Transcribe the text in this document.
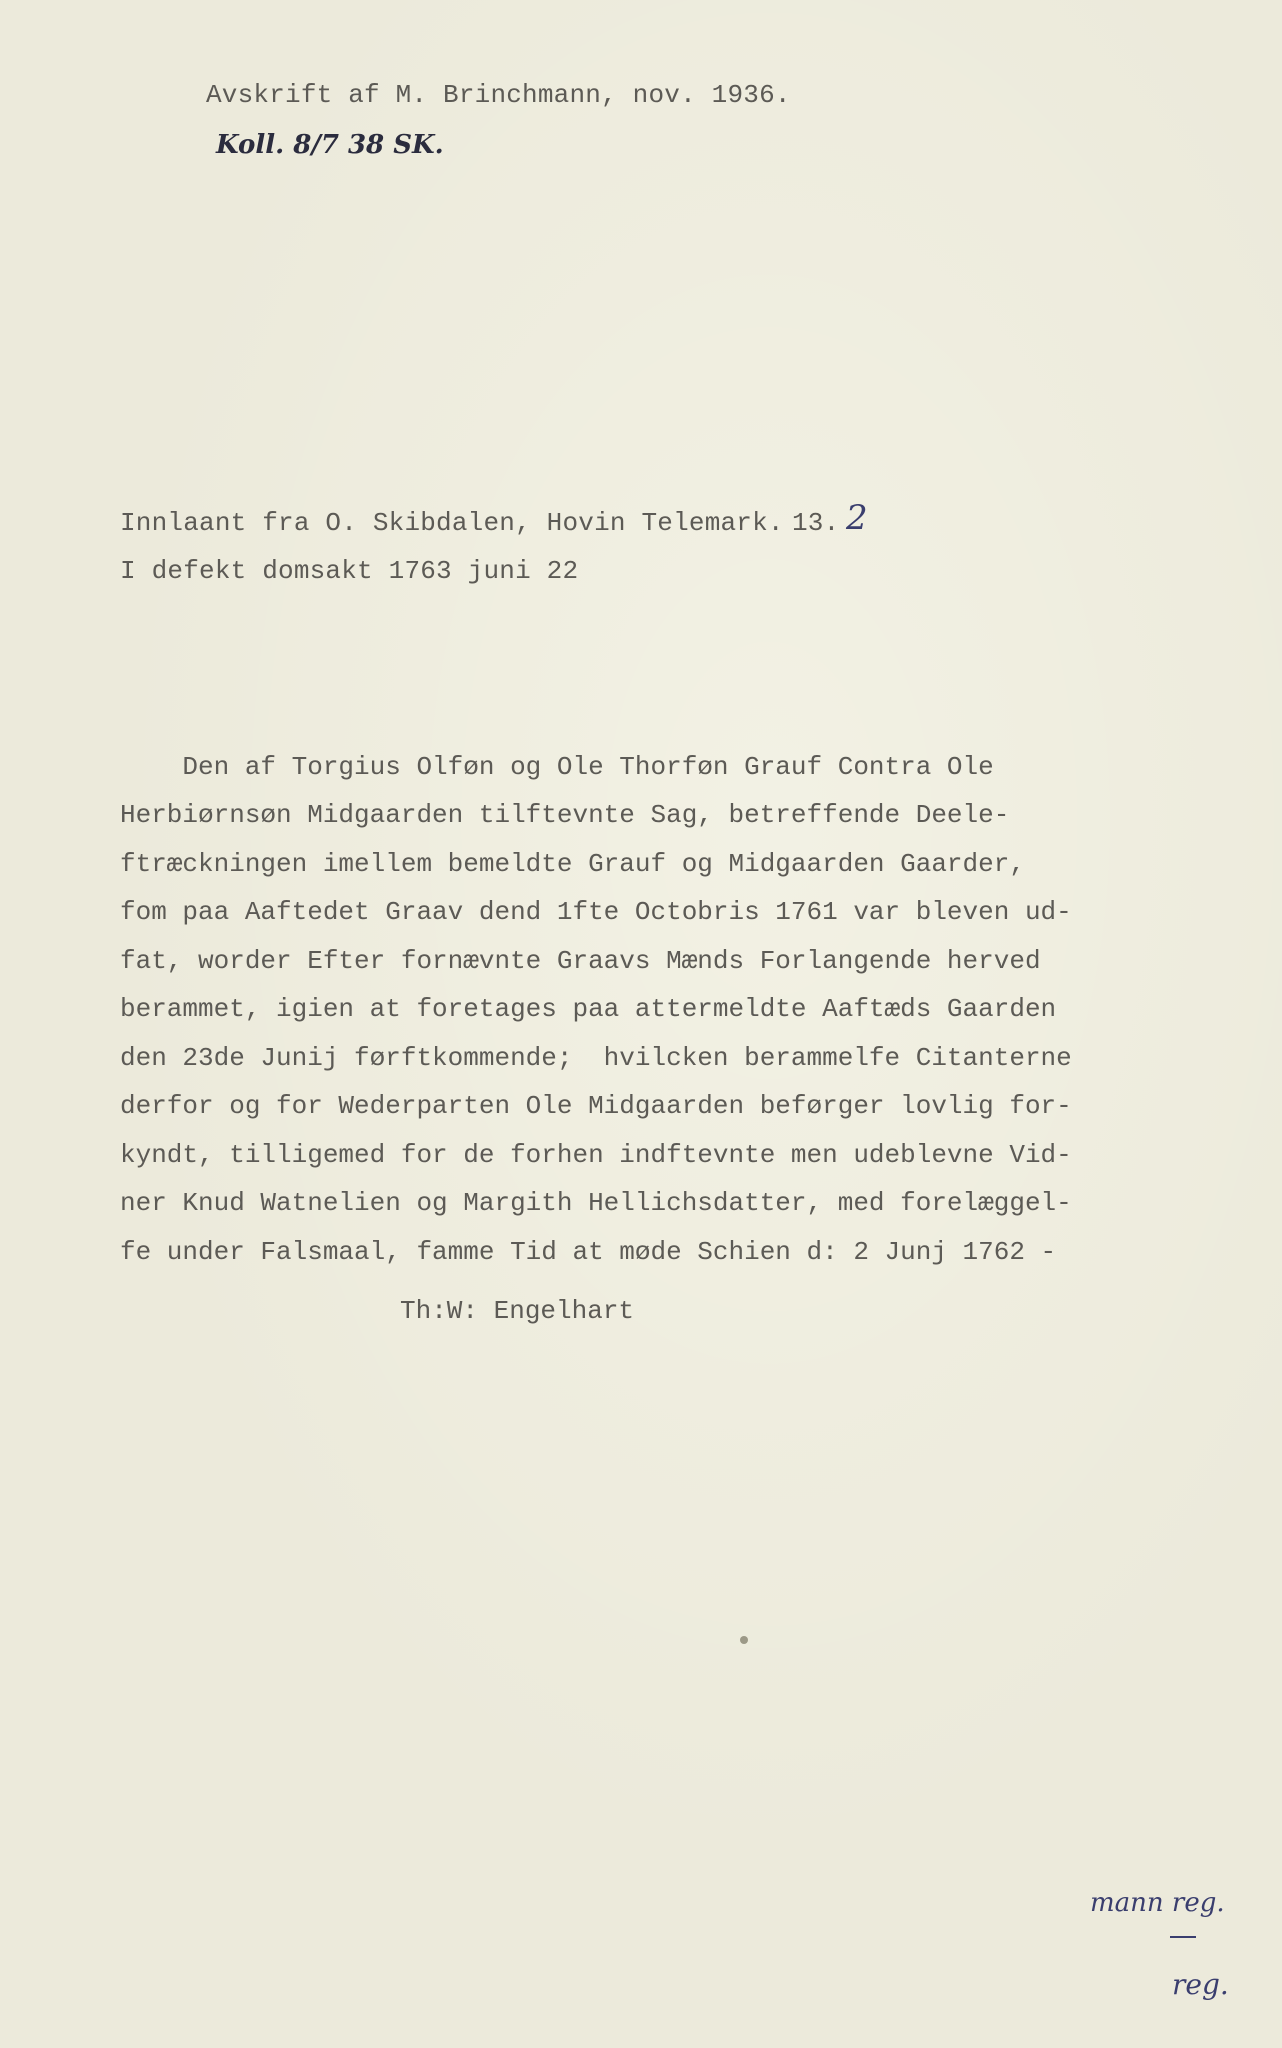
Avskrift af M. Brinchmann, nov. 1936.
Koll. 8/7 38 SK.
Innlaant fra O. Skibdalen, Hovin Telemark. 13. 2
I defekt domsakt 1763 juni 22
Den af Torgius Olføn og Ole Thorføn Grauf Contra Ole
Herbiørnsøn Midgaarden tilftevnte Sag, betreffende Deele-
ftræckningen imellem bemeldte Grauf og Midgaarden Gaarder,
fom paa Aaftedet Graav dend 1fte Octobris 1761 var bleven ud-
fat, worder Efter fornævnte Graavs Mænds Forlangende herved
berammet, igien at foretages paa attermeldte Aaftæds Gaarden
den 23de Junij førftkommende;  hvilcken berammelfe Citanterne
derfor og for Wederparten Ole Midgaarden beførger lovlig for-
kyndt, tilligemed for de forhen indftevnte men udeblevne Vid-
ner Knud Watnelien og Margith Hellichsdatter, med forelæggel-
fe under Falsmaal, famme Tid at møde Schien d: 2 Junj 1762 -
Th:W: Engelhart
mann reg.
reg.
